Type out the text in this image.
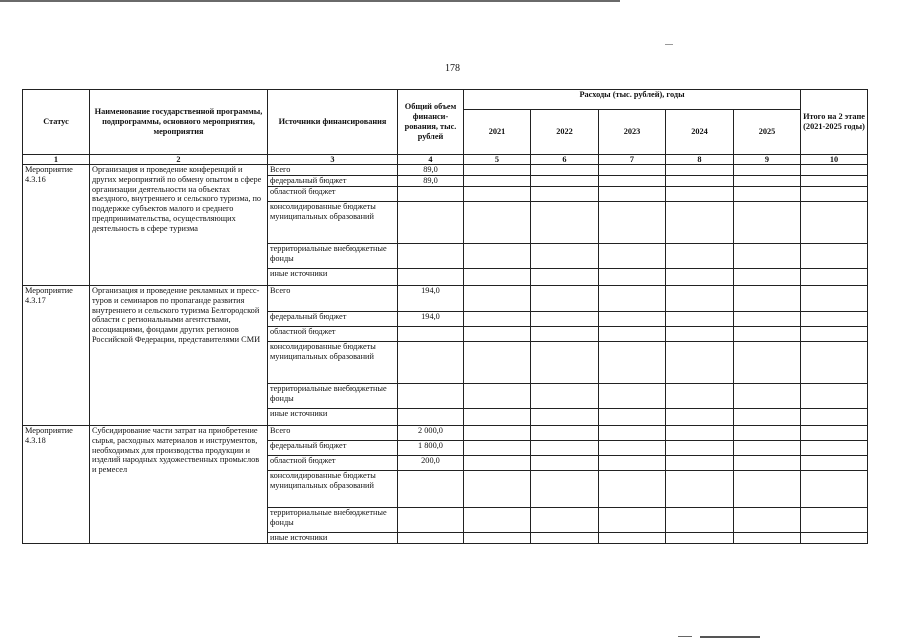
178
Статус	Наименование государственной программы, подпрограммы, основного мероприятия, мероприятия	Источники финансирования	Общий объем финанси-рования, тыс. рублей	Расходы (тыс. рублей), годы					Итого на 2 этапе (2021-2025 годы)
				2021	2022	2023	2024	2025	
1	2	3	4	5	6	7	8	9	10
Мероприятие 4.3.16	Организация и проведение конференций и других мероприятий по обмену опытом в сфере организации деятельности на объектах въездного, внутреннего и сельского туризма, по поддержке субъектов малого и среднего предпринимательства, осуществляющих деятельность в сфере туризма	Всего	89,0						
		федеральный бюджет	89,0						
		областной бюджет							
		консолидированные бюджеты муниципальных образований							
		территориальные внебюджетные фонды							
		иные источники							
Мероприятие 4.3.17	Организация и проведение рекламных и пресс-туров и семинаров по пропаганде развития внутреннего и сельского туризма Белгородской области с региональными агентствами, ассоциациями, фондами других регионов Российской Федерации, представителями СМИ	Всего	194,0						
		федеральный бюджет	194,0						
		областной бюджет							
		консолидированные бюджеты муниципальных образований							
		территориальные внебюджетные фонды							
		иные источники							
Мероприятие 4.3.18	Субсидирование части затрат на приобретение сырья, расходных материалов и инструментов, необходимых для производства продукции и изделий народных художественных промыслов и ремесел	Всего	2 000,0						
		федеральный бюджет	1 800,0						
		областной бюджет	200,0						
		консолидированные бюджеты муниципальных образований							
		территориальные внебюджетные фонды							
		иные источники							
